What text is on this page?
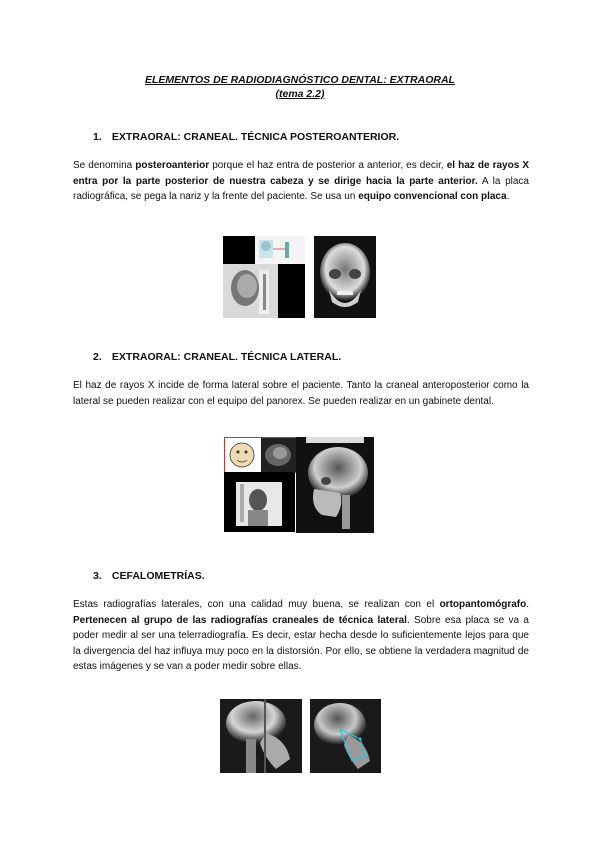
ELEMENTOS DE RADIODIAGNÓSTICO DENTAL: EXTRAORAL
(tema 2.2)
1. EXTRAORAL: CRANEAL. TÉCNICA POSTEROANTERIOR.
Se denomina posteroanterior porque el haz entra de posterior a anterior, es decir, el haz de rayos X entra por la parte posterior de nuestra cabeza y se dirige hacia la parte anterior. A la placa radiográfica, se pega la nariz y la frente del paciente. Se usa un equipo convencional con placa.
2. EXTRAORAL: CRANEAL. TÉCNICA LATERAL.
El haz de rayos X incide de forma lateral sobre el paciente. Tanto la craneal anteroposterior como la lateral se pueden realizar con el equipo del panorex. Se pueden realizar en un gabinete dental.
3. CEFALOMETRÍAS.
Estas radiografías laterales, con una calidad muy buena, se realizan con el ortopantomógrafo. Pertenecen al grupo de las radiografías craneales de técnica lateral. Sobre esa placa se va a poder medir al ser una telerradiografía. Es decir, estar hecha desde lo suficientemente lejos para que la divergencia del haz influya muy poco en la distorsión. Por ello, se obtiene la verdadera magnitud de estas imágenes y se van a poder medir sobre ellas.
